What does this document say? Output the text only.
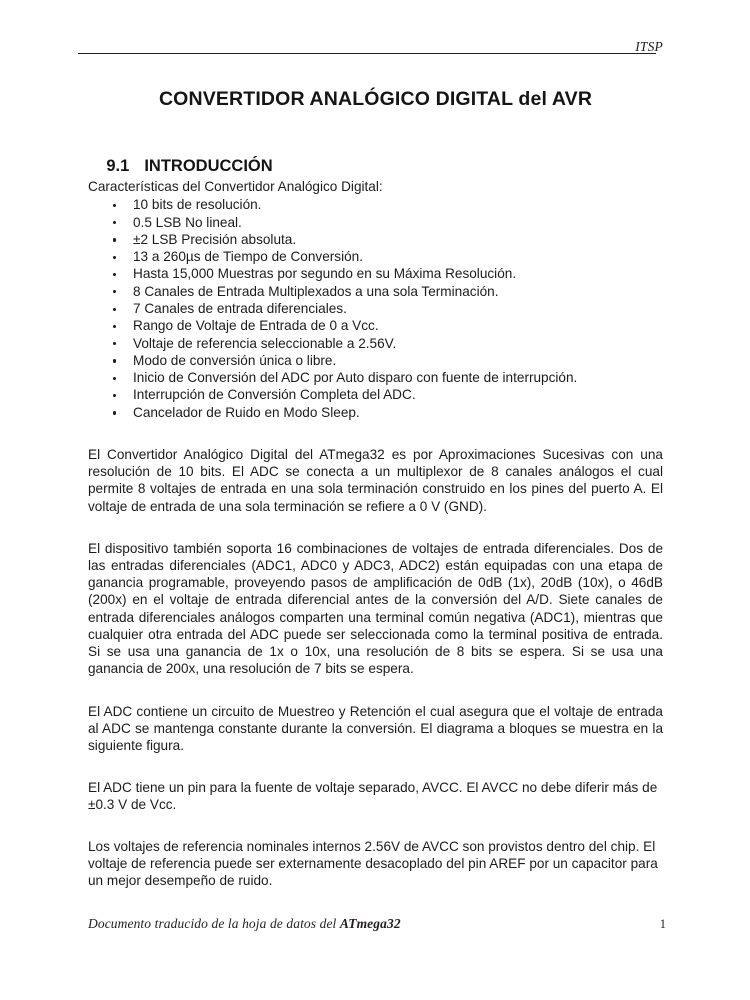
ITSP
CONVERTIDOR ANALÓGICO DIGITAL del AVR

9.1 INTRODUCCIÓN

Características del Convertidor Analógico Digital:

10 bits de resolución.
0.5 LSB No lineal.
±2 LSB Precisión absoluta.
13 a 260µs de Tiempo de Conversión.
Hasta 15,000 Muestras por segundo en su Máxima Resolución.
8 Canales de Entrada Multiplexados a una sola Terminación.
7 Canales de entrada diferenciales.
Rango de Voltaje de Entrada de 0 a Vcc.
Voltaje de referencia seleccionable a 2.56V.
Modo de conversión única o libre.
Inicio de Conversión del ADC por Auto disparo con fuente de interrupción.
Interrupción de Conversión Completa del ADC.
Cancelador de Ruido en Modo Sleep.

El Convertidor Analógico Digital del ATmega32 es por Aproximaciones Sucesivas con una resolución de 10 bits. El ADC se conecta a un multiplexor de 8 canales análogos el cual permite 8 voltajes de entrada en una sola terminación construido en los pines del puerto A. El voltaje de entrada de una sola terminación se refiere a 0 V (GND).

El dispositivo también soporta 16 combinaciones de voltajes de entrada diferenciales. Dos de las entradas diferenciales (ADC1, ADC0 y ADC3, ADC2) están equipadas con una etapa de ganancia programable, proveyendo pasos de amplificación de 0dB (1x), 20dB (10x), o 46dB (200x) en el voltaje de entrada diferencial antes de la conversión del A/D. Siete canales de entrada diferenciales análogos comparten una terminal común negativa (ADC1), mientras que cualquier otra entrada del ADC puede ser seleccionada como la terminal positiva de entrada. Si se usa una ganancia de 1x o 10x, una resolución de 8 bits se espera. Si se usa una ganancia de 200x, una resolución de 7 bits se espera.

El ADC contiene un circuito de Muestreo y Retención el cual asegura que el voltaje de entrada al ADC se mantenga constante durante la conversión. El diagrama a bloques se muestra en la siguiente figura.

El ADC tiene un pin para la fuente de voltaje separado, AVCC. El AVCC no debe diferir más de ±0.3 V de Vcc.

Los voltajes de referencia nominales internos 2.56V de AVCC son provistos dentro del chip. El voltaje de referencia puede ser externamente desacoplado del pin AREF por un capacitor para un mejor desempeño de ruido.

Documento traducido de la hoja de datos del ATmega32	1
